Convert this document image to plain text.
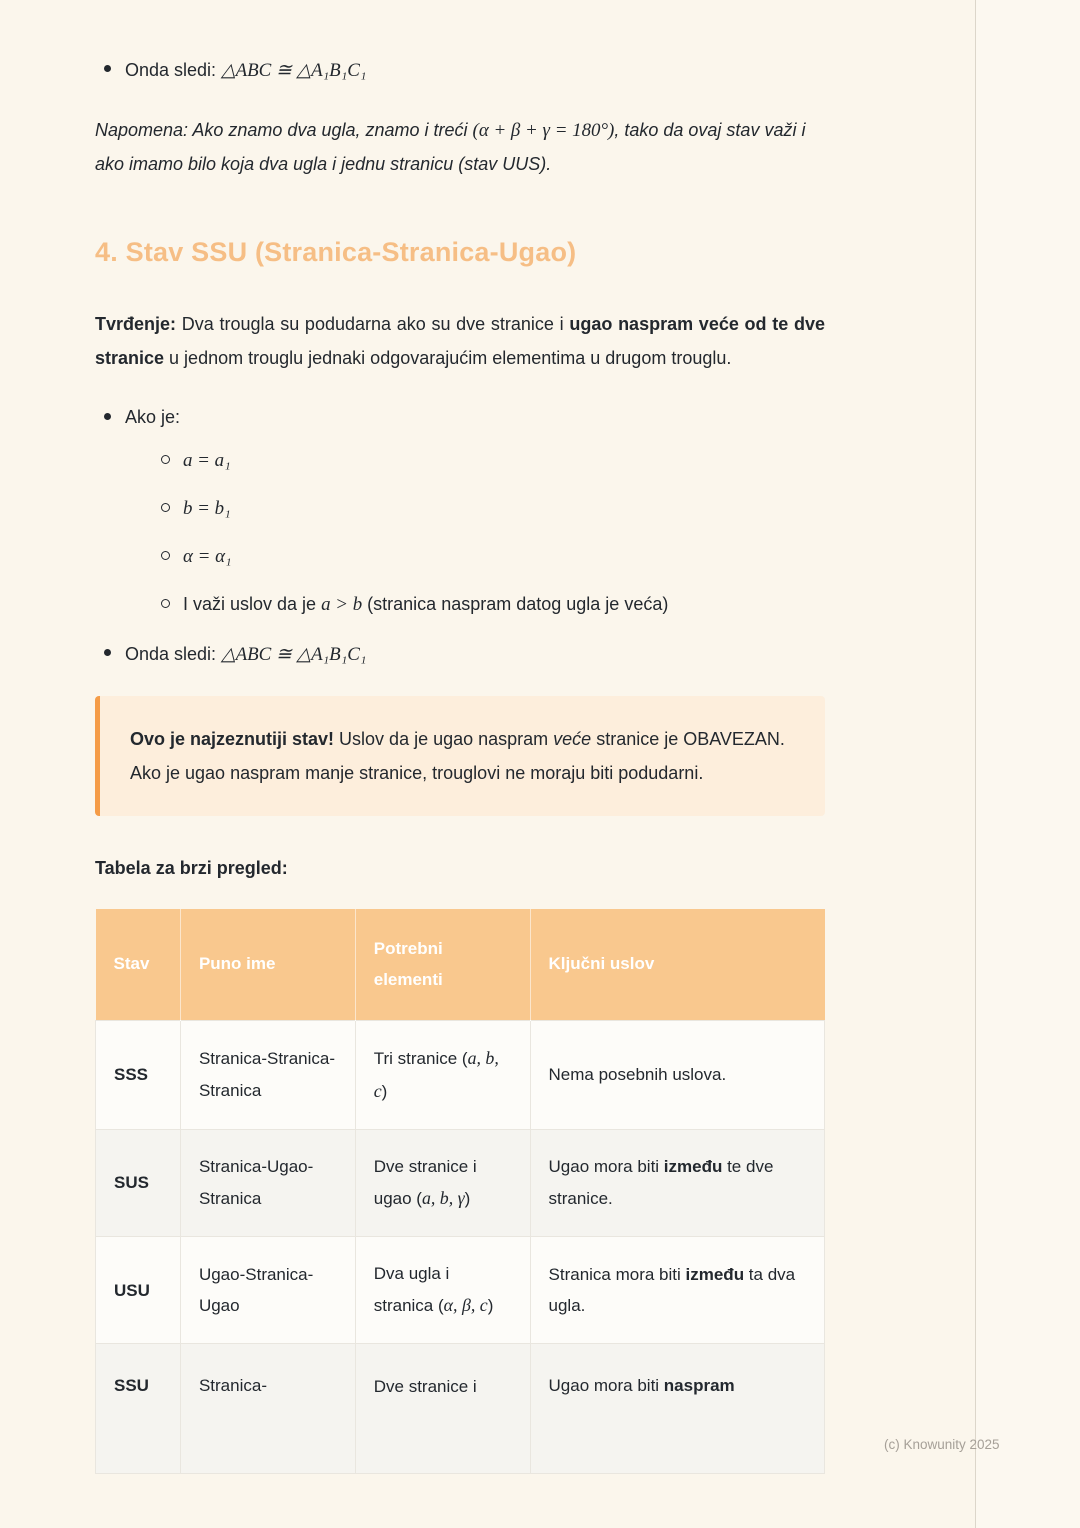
Onda sledi: △ABC ≅ △A₁B₁C₁

Napomena: Ako znamo dva ugla, znamo i treći (α + β + γ = 180°), tako da ovaj stav važi i ako imamo bilo koja dva ugla i jednu stranicu (stav UUS).

4. Stav SSU (Stranica-Stranica-Ugao)

Tvrđenje: Dva trougla su podudarna ako su dve stranice i ugao naspram veće od te dve stranice u jednom trouglu jednaki odgovarajućim elementima u drugom trouglu.

Ako je:
a = a₁
b = b₁
α = α₁
I važi uslov da je a > b (stranica naspram datog ugla je veća)
Onda sledi: △ABC ≅ △A₁B₁C₁
Ovo je najzeznutiji stav! Uslov da je ugao naspram veće stranice je OBAVEZAN. Ako je ugao naspram manje stranice, trouglovi ne moraju biti podudarni.

Tabela za brzi pregled:

Stav	Puno ime	Potrebni elementi	Ključni uslov
SSS	Stranica-Stranica-Stranica	Tri stranice (a, b, c)	Nema posebnih uslova.
SUS	Stranica-Ugao-Stranica	Dve stranice i ugao (a, b, γ)	Ugao mora biti između te dve stranice.
USU	Ugao-Stranica-Ugao	Dva ugla i stranica (α, β, c)	Stranica mora biti između ta dva ugla.
SSU	Stranica-	Dve stranice i	Ugao mora biti naspram
(c) Knowunity 2025
